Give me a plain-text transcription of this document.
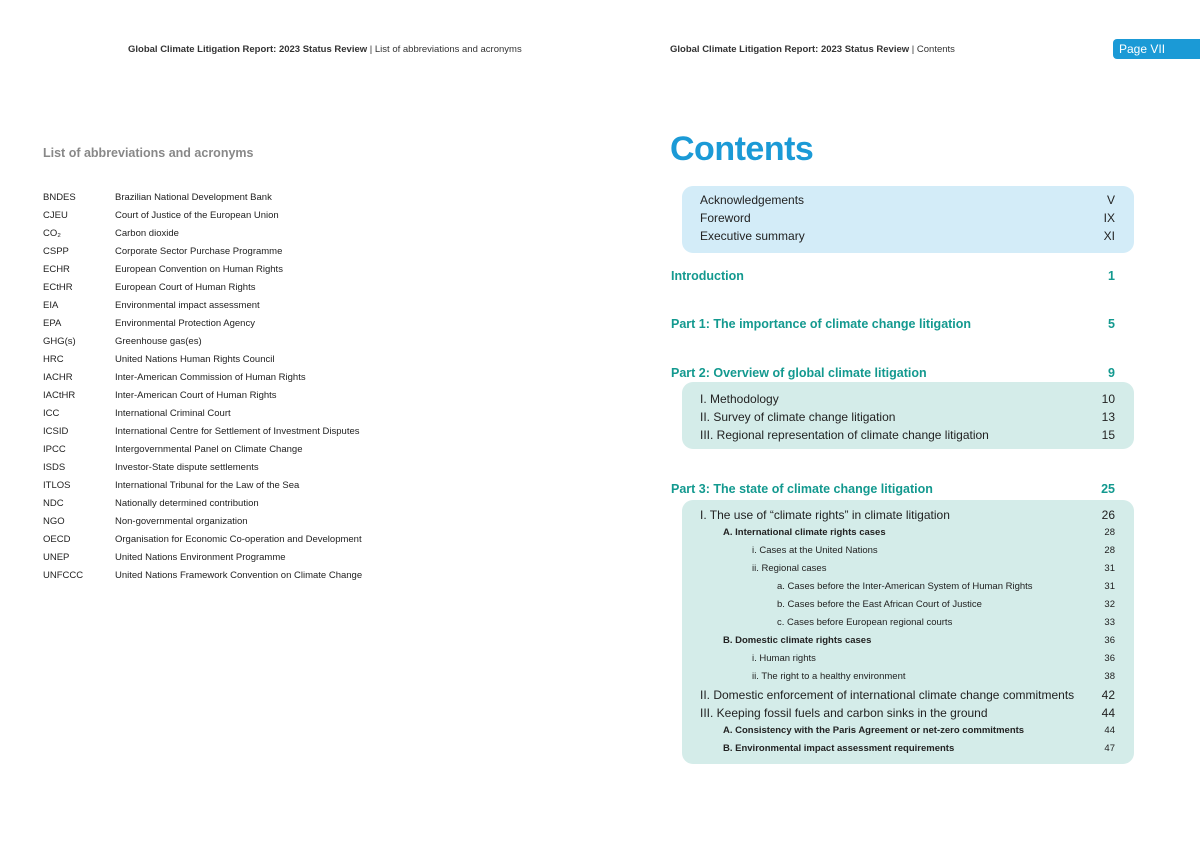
Global Climate Litigation Report: 2023 Status Review | List of abbreviations and acronyms
List of abbreviations and acronyms
BNDES	Brazilian National Development Bank
CJEU	Court of Justice of the European Union
CO₂	Carbon dioxide
CSPP	Corporate Sector Purchase Programme
ECHR	European Convention on Human Rights
ECtHR	European Court of Human Rights
EIA	Environmental impact assessment
EPA	Environmental Protection Agency
GHG(s)	Greenhouse gas(es)
HRC	United Nations Human Rights Council
IACHR	Inter-American Commission of Human Rights
IACtHR	Inter-American Court of Human Rights
ICC	International Criminal Court
ICSID	International Centre for Settlement of Investment Disputes
IPCC	Intergovernmental Panel on Climate Change
ISDS	Investor-State dispute settlements
ITLOS	International Tribunal for the Law of the Sea
NDC	Nationally determined contribution
NGO	Non-governmental organization
OECD	Organisation for Economic Co-operation and Development
UNEP	United Nations Environment Programme
UNFCCC	United Nations Framework Convention on Climate Change
Global Climate Litigation Report: 2023 Status Review | Contents	Page VII
Contents
Acknowledgements	V
Foreword	IX
Executive summary	XI
Introduction	1
Part 1: The importance of climate change litigation	5
Part 2: Overview of global climate litigation	9
I. Methodology	10
II. Survey of climate change litigation	13
III. Regional representation of climate change litigation	15
Part 3: The state of climate change litigation	25
I. The use of “climate rights” in climate litigation	26
A. International climate rights cases	28
i. Cases at the United Nations	28
ii. Regional cases	31
a. Cases before the Inter-American System of Human Rights	31
b. Cases before the East African Court of Justice	32
c. Cases before European regional courts	33
B. Domestic climate rights cases	36
i. Human rights	36
ii. The right to a healthy environment	38
II. Domestic enforcement of international climate change commitments 42
III. Keeping fossil fuels and carbon sinks in the ground	44
A. Consistency with the Paris Agreement or net-zero commitments	44
B. Environmental impact assessment requirements	47
